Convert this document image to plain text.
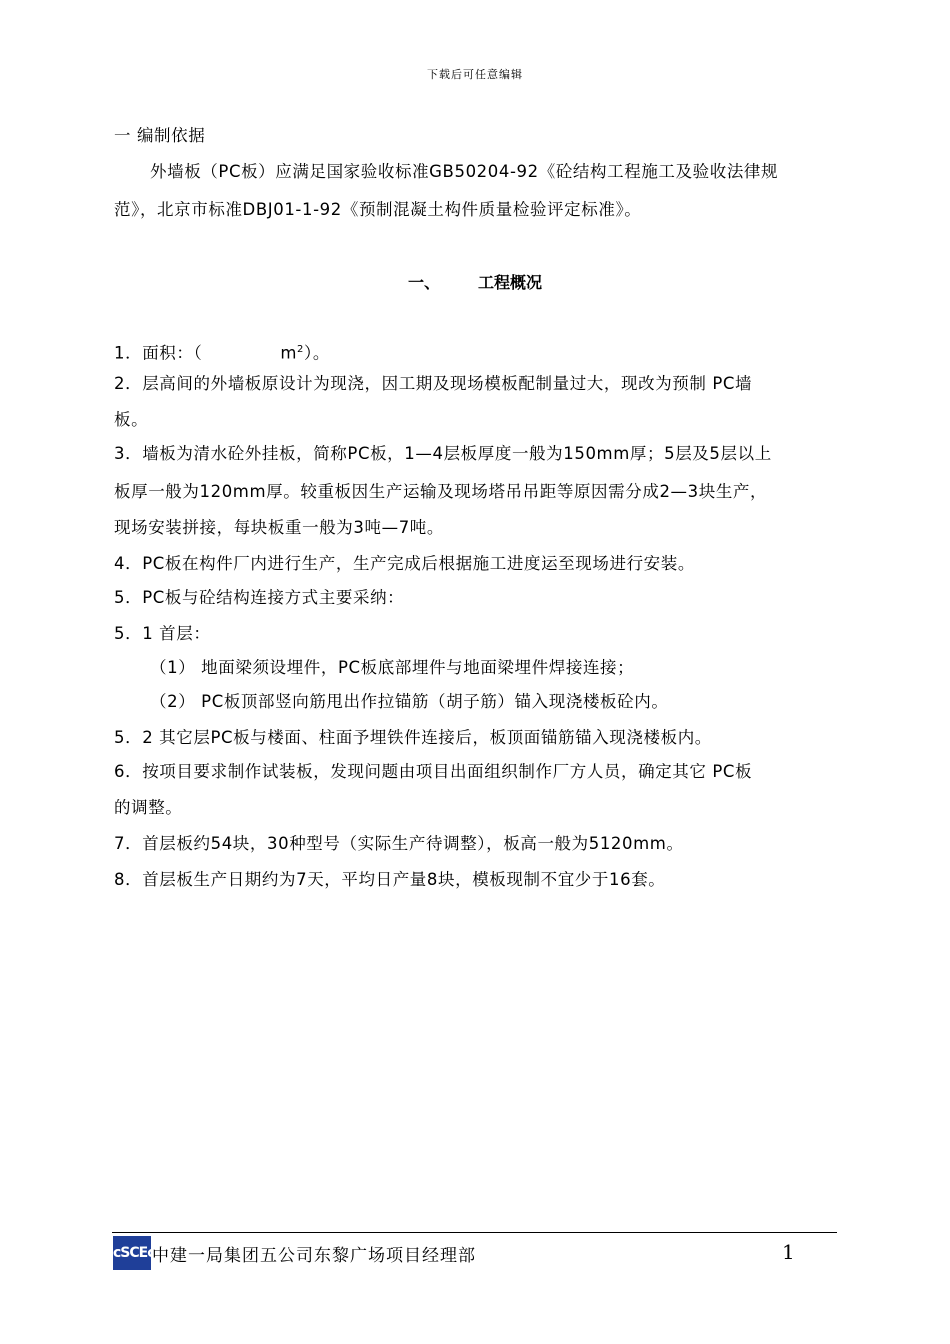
下载后可任意编辑
一 编制依据
外墙板（PC板）应满足国家验收标准GB50204-92《砼结构工程施工及验收法律规
范》，北京市标准DBJ01-1-92《预制混凝土构件质量检验评定标准》。
一、 工程概况
1．面积：（	$m^2$）。
2．层高间的外墙板原设计为现浇，因工期及现场模板配制量过大，现改为预制 PC墙
板。
3．墙板为清水砼外挂板，简称PC板，1—4层板厚度一般为150mm厚；5层及5层以上
板厚一般为120mm厚。较重板因生产运输及现场塔吊吊距等原因需分成2—3块生产，
现场安装拼接，每块板重一般为3吨—7吨。
4．PC板在构件厂内进行生产，生产完成后根据施工进度运至现场进行安装。
5．PC板与砼结构连接方式主要采纳：
5．1 首层：
（1） 地面梁须设埋件，PC板底部埋件与地面梁埋件焊接连接；
（2） PC板顶部竖向筋甩出作拉锚筋（胡子筋）锚入现浇楼板砼内。
5．2 其它层PC板与楼面、柱面予埋铁件连接后，板顶面锚筋锚入现浇楼板内。
6．按项目要求制作试装板，发现问题由项目出面组织制作厂方人员，确定其它 PC板
的调整。
7．首层板约54块，30种型号（实际生产待调整），板高一般为5120mm。
8．首层板生产日期约为7天，平均日产量8块，模板现制不宜少于16套。
cSCEc
中建一局集团五公司东黎广场项目经理部	1
